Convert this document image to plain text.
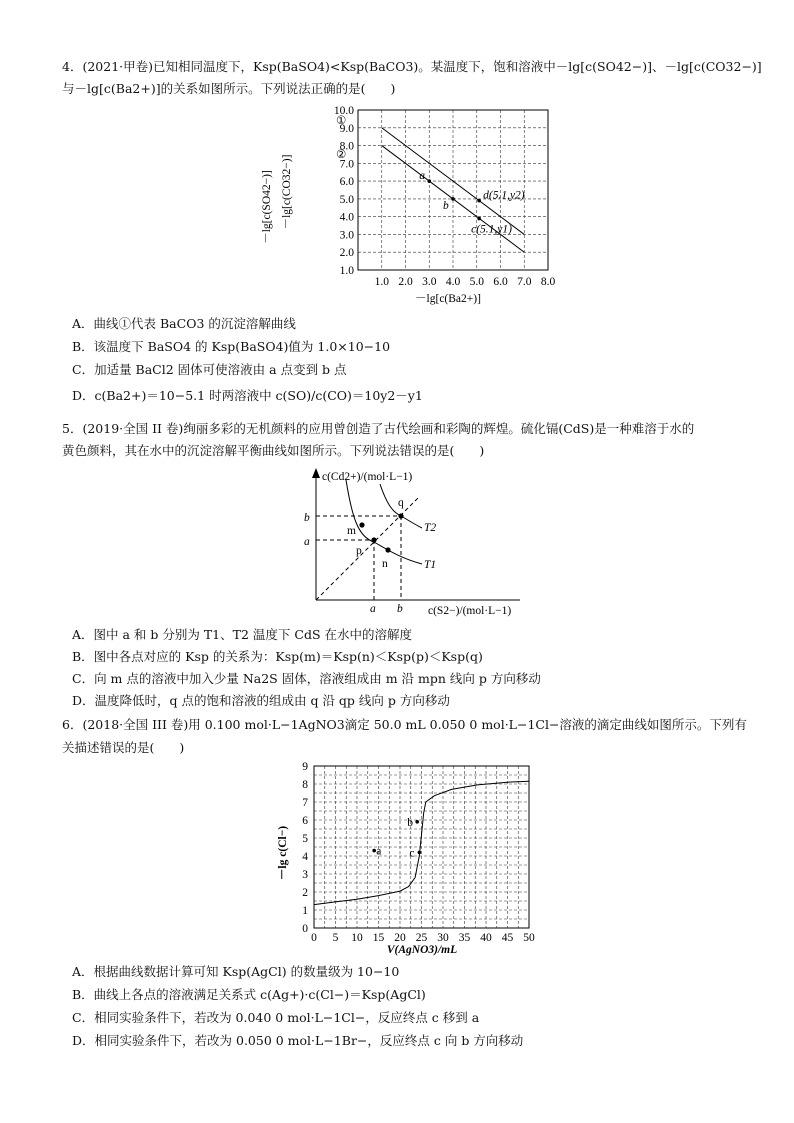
4．(2021·甲卷)已知相同温度下，Ksp(BaSO4)<Ksp(BaCO3)。某温度下，饱和溶液中－lg[c(SO42−)]、－lg[c(CO32−)]
与－lg[c(Ba2+)]的关系如图所示。下列说法正确的是(　　)
1.0 2.0 3.0 4.0 5.0 6.0 7.0 8.0
1.0
2.0
3.0
4.0
5.0
6.0
7.0
8.0
9.0
10.0
①
②
－lg[c(SO42−)] －lg[c(CO32−)]
－lg[c(Ba2+)]
a
b
d(5.1,y2)
c(5.1,y1)
A．曲线①代表 BaCO3 的沉淀溶解曲线
B．该温度下 BaSO4 的 Ksp(BaSO4)值为 1.0×10−10
C．加适量 BaCl2 固体可使溶液由 a 点变到 b 点
D．c(Ba2+)＝10−5.1 时两溶液中 c(SO)/c(CO)＝10y2－y1
5．(2019·全国 II 卷)绚丽多彩的无机颜料的应用曾创造了古代绘画和彩陶的辉煌。硫化镉(CdS)是一种难溶于水的
黄色颜料，其在水中的沉淀溶解平衡曲线如图所示。下列说法错误的是(　　)
c(Cd2+)/(mol·L−1)
c(S2−)/(mol·L−1)
b
a
a b
m
p
n
q
T2
T1
A．图中 a 和 b 分别为 T1、T2 温度下 CdS 在水中的溶解度
B．图中各点对应的 Ksp 的关系为：Ksp(m)＝Ksp(n)＜Ksp(p)＜Ksp(q)
C．向 m 点的溶液中加入少量 Na2S 固体，溶液组成由 m 沿 mpn 线向 p 方向移动
D．温度降低时，q 点的饱和溶液的组成由 q 沿 qp 线向 p 方向移动
6．(2018·全国 III 卷)用 0.100 mol·L−1AgNO3滴定 50.0 mL 0.050 0 mol·L−1Cl−溶液的滴定曲线如图所示。下列有
关描述错误的是(　　)
0 5 10 15 20 25 30 35 40 45 50
0
1
2
3
4
5
6
7
8
9
－lg c(Cl−)
V(AgNO3)/mL
a
b
c
A．根据曲线数据计算可知 Ksp(AgCl) 的数量级为 10−10
B．曲线上各点的溶液满足关系式 c(Ag+)·c(Cl−)＝Ksp(AgCl)
C．相同实验条件下，若改为 0.040 0 mol·L−1Cl−，反应终点 c 移到 a
D．相同实验条件下，若改为 0.050 0 mol·L−1Br−，反应终点 c 向 b 方向移动
